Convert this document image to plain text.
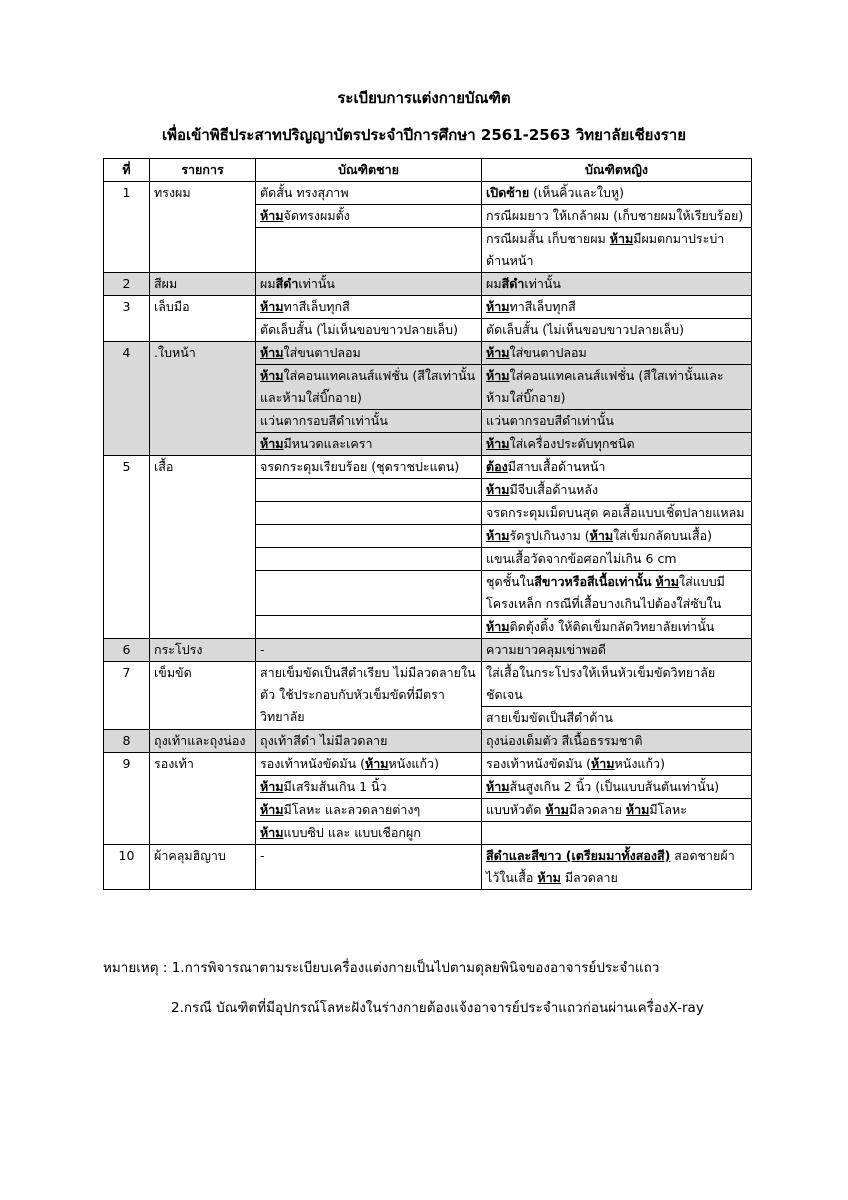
ระเบียบการแต่งกายบัณฑิต
เพื่อเข้าพิธีประสาทปริญญาบัตรประจำปีการศึกษา 2561-2563 วิทยาลัยเชียงราย
ที่	รายการ	บัณฑิตชาย	บัณฑิตหญิง
1	ทรงผม	ตัดสั้น ทรงสุภาพ	เปิดซ้าย (เห็นคิ้วและใบหู)
		ห้ามจัดทรงผมตั้ง	กรณีผมยาว ให้เกล้าผม (เก็บชายผมให้เรียบร้อย)
			กรณีผมสั้น เก็บชายผม ห้ามมีผมตกมาประบ่า ด้านหน้า
2	สีผม	ผมสีดำเท่านั้น	ผมสีดำเท่านั้น
3	เล็บมือ	ห้ามทาสีเล็บทุกสี	ห้ามทาสีเล็บทุกสี
		ตัดเล็บสั้น (ไม่เห็นขอบขาวปลายเล็บ)	ตัดเล็บสั้น (ไม่เห็นขอบขาวปลายเล็บ)
4	.ใบหน้า	ห้ามใส่ขนตาปลอม	ห้ามใส่ขนตาปลอม
		ห้ามใส่คอนแทคเลนส์แฟชั่น (สีใสเท่านั้นและห้ามใส่บิ๊กอาย)	ห้ามใส่คอนแทคเลนส์แฟชั่น (สีใสเท่านั้นและห้ามใส่บิ๊กอาย)
		แว่นตากรอบสีดำเท่านั้น	แว่นตากรอบสีดำเท่านั้น
		ห้ามมีหนวดและเครา	ห้ามใส่เครื่องประดับทุกชนิด
5	เสื้อ	จรดกระดุมเรียบร้อย (ชุดราชปะแตน)	ต้องมีสาบเสื้อด้านหน้า
			ห้ามมีจีบเสื้อด้านหลัง
			จรดกระดุมเม็ดบนสุด คอเสื้อแบบเชิ้ตปลายแหลม
			ห้ามรัดรูปเกินงาม (ห้ามใส่เข็มกลัดบนเสื้อ)
			แขนเสื้อวัดจากข้อศอกไม่เกิน 6 cm
			ชุดชั้นในสีขาวหรือสีเนื้อเท่านั้น ห้ามใส่แบบมีโครงเหล็ก กรณีที่เสื้อบางเกินไปต้องใส่ซับใน
			ห้ามติดตุ้งติ้ง ให้ติดเข็มกลัดวิทยาลัยเท่านั้น
6	กระโปรง	-	ความยาวคลุมเข่าพอดี
7	เข็มขัด	สายเข็มขัดเป็นสีดำเรียบ ไม่มีลวดลายในตัว ใช้ประกอบกับหัวเข็มขัดที่มีตราวิทยาลัย	ใส่เสื้อในกระโปรงให้เห็นหัวเข็มขัดวิทยาลัยชัดเจน
			สายเข็มขัดเป็นสีดำด้าน
8	ถุงเท้าและถุงน่อง	ถุงเท้าสีดำ ไม่มีลวดลาย	ถุงน่องเต็มตัว สีเนื้อธรรมชาติ
9	รองเท้า	รองเท้าหนังขัดมัน (ห้ามหนังแก้ว)	รองเท้าหนังขัดมัน (ห้ามหนังแก้ว)
		ห้ามมีเสริมส้นเกิน 1 นิ้ว	ห้ามส้นสูงเกิน 2 นิ้ว (เป็นแบบส้นตันเท่านั้น)
		ห้ามมีโลหะ และลวดลายต่างๆ	แบบหัวตัด ห้ามมีลวดลาย ห้ามมีโลหะ
		ห้ามแบบซิป และ แบบเชือกผูก	
10	ผ้าคลุมฮิญาบ	-	สีดำและสีขาว (เตรียมมาทั้งสองสี) สอดชายผ้าไว้ในเสื้อ ห้าม มีลวดลาย

หมายเหตุ : 1.การพิจารณาตามระเบียบเครื่องแต่งกายเป็นไปตามดุลยพินิจของอาจารย์ประจำแถว

2.กรณี บัณฑิตที่มีอุปกรณ์โลหะฝังในร่างกายต้องแจ้งอาจารย์ประจำแถวก่อนผ่านเครื่องX-ray
